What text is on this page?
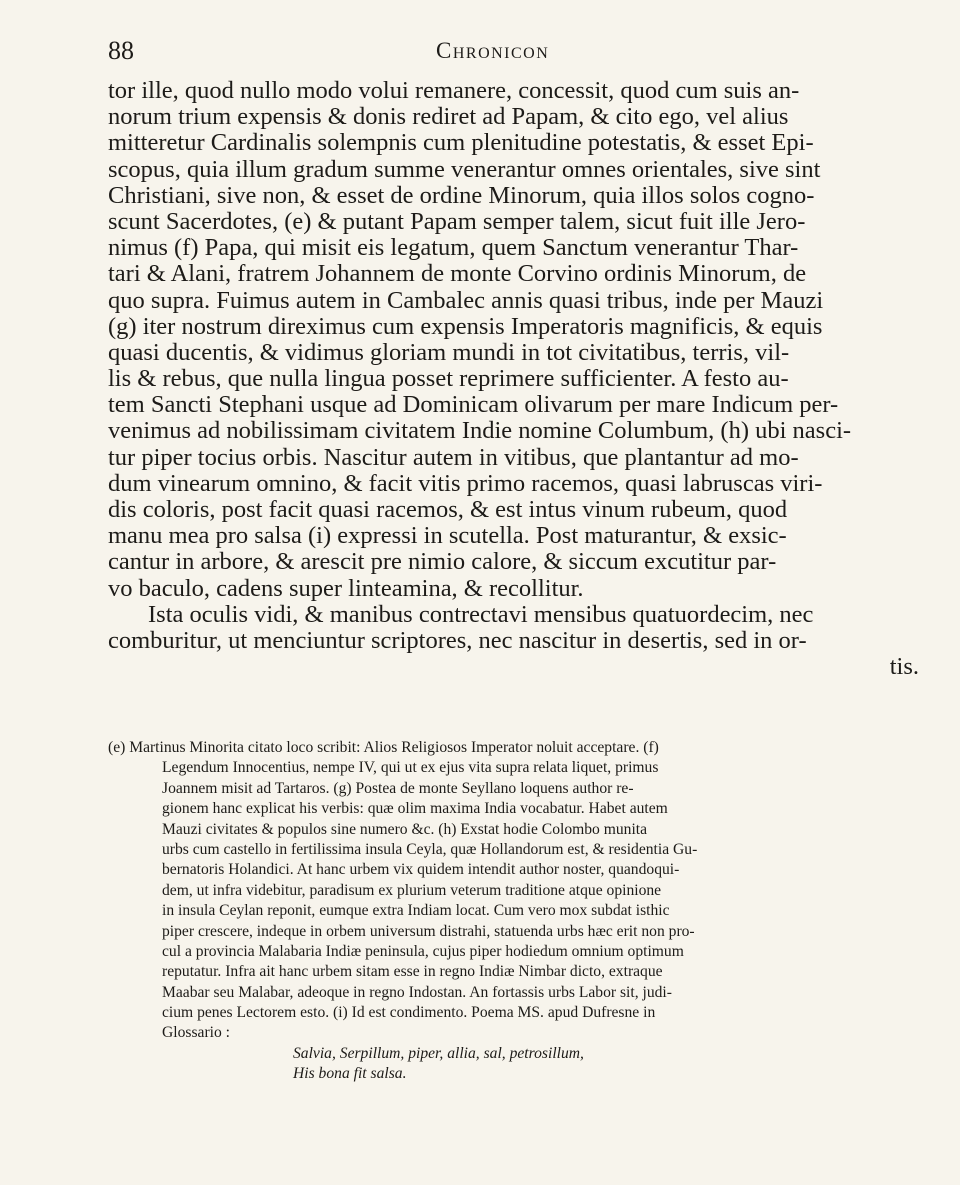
88	Chronicon
tor ille, quod nullo modo volui remanere, concessit, quod cum suis an-
norum trium expensis & donis rediret ad Papam, & cito ego, vel alius
mitteretur Cardinalis solempnis cum plenitudine potestatis, & esset Epi-
scopus, quia illum gradum summe venerantur omnes orientales, sive sint
Christiani, sive non, & esset de ordine Minorum, quia illos solos cogno-
scunt Sacerdotes, (e) & putant Papam semper talem, sicut fuit ille Jero-
nimus (f) Papa, qui misit eis legatum, quem Sanctum venerantur Thar-
tari & Alani, fratrem Johannem de monte Corvino ordinis Minorum, de
quo supra. Fuimus autem in Cambalec annis quasi tribus, inde per Mauzi
(g) iter nostrum direximus cum expensis Imperatoris magnificis, & equis
quasi ducentis, & vidimus gloriam mundi in tot civitatibus, terris, vil-
lis & rebus, que nulla lingua posset reprimere sufficienter. A festo au-
tem Sancti Stephani usque ad Dominicam olivarum per mare Indicum per-
venimus ad nobilissimam civitatem Indie nomine Columbum, (h) ubi nasci-
tur piper tocius orbis. Nascitur autem in vitibus, que plantantur ad mo-
dum vinearum omnino, & facit vitis primo racemos, quasi labruscas viri-
dis coloris, post facit quasi racemos, & est intus vinum rubeum, quod
manu mea pro salsa (i) expressi in scutella. Post maturantur, & exsic-
cantur in arbore, & arescit pre nimio calore, & siccum excutitur par-
vo baculo, cadens super linteamina, & recollitur.
Ista oculis vidi, & manibus contrectavi mensibus quatuordecim, nec
comburitur, ut menciuntur scriptores, nec nascitur in desertis, sed in or-
tis.
(e) Martinus Minorita citato loco scribit: Alios Religiosos Imperator noluit acceptare. (f)
Legendum Innocentius, nempe IV, qui ut ex ejus vita supra relata liquet, primus
Joannem misit ad Tartaros. (g) Postea de monte Seyllano loquens author re-
gionem hanc explicat his verbis: quæ olim maxima India vocabatur. Habet autem
Mauzi civitates & populos sine numero &c. (h) Exstat hodie Colombo munita
urbs cum castello in fertilissima insula Ceyla, quæ Hollandorum est, & residentia Gu-
bernatoris Holandici. At hanc urbem vix quidem intendit author noster, quandoqui-
dem, ut infra videbitur, paradisum ex plurium veterum traditione atque opinione
in insula Ceylan reponit, eumque extra Indiam locat. Cum vero mox subdat isthic
piper crescere, indeque in orbem universum distrahi, statuenda urbs hæc erit non pro-
cul a provincia Malabaria Indiæ peninsula, cujus piper hodiedum omnium optimum
reputatur. Infra ait hanc urbem sitam esse in regno Indiæ Nimbar dicto, extraque
Maabar seu Malabar, adeoque in regno Indostan. An fortassis urbs Labor sit, judi-
cium penes Lectorem esto. (i) Id est condimento. Poema MS. apud Dufresne in
Glossario :
Salvia, Serpillum, piper, allia, sal, petrosillum,
His bona fit salsa.
